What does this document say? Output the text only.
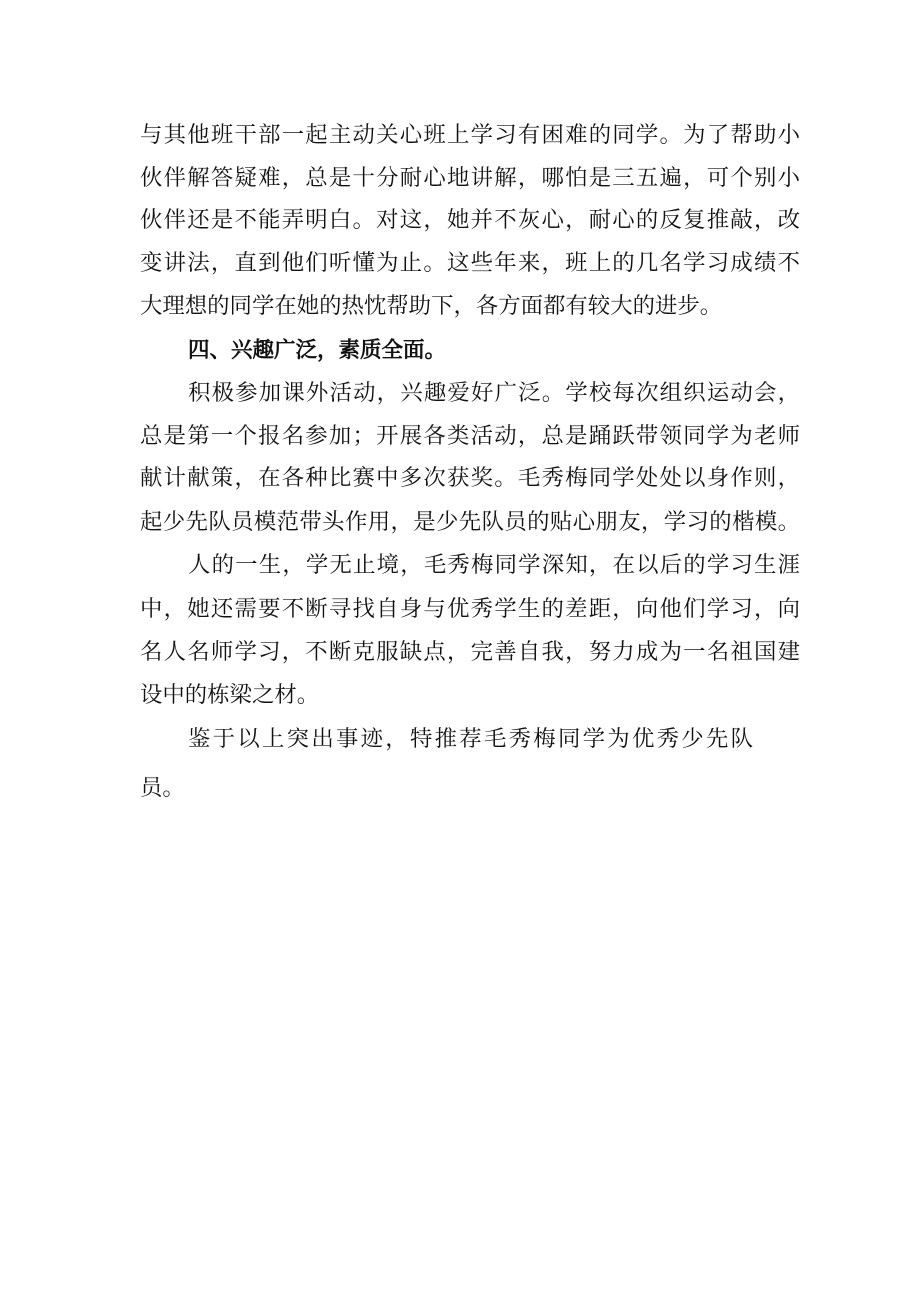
与其他班干部一起主动关心班上学习有困难的同学。为了帮助小

伙伴解答疑难，总是十分耐心地讲解，哪怕是三五遍，可个别小

伙伴还是不能弄明白。对这，她并不灰心，耐心的反复推敲，改

变讲法，直到他们听懂为止。这些年来，班上的几名学习成绩不

大理想的同学在她的热忱帮助下，各方面都有较大的进步。

四、兴趣广泛，素质全面。

积极参加课外活动，兴趣爱好广泛。学校每次组织运动会，

总是第一个报名参加；开展各类活动，总是踊跃带领同学为老师

献计献策，在各种比赛中多次获奖。毛秀梅同学处处以身作则，

起少先队员模范带头作用，是少先队员的贴心朋友，学习的楷模。

人的一生，学无止境，毛秀梅同学深知，在以后的学习生涯

中，她还需要不断寻找自身与优秀学生的差距，向他们学习，向

名人名师学习，不断克服缺点，完善自我，努力成为一名祖国建

设中的栋梁之材。

鉴于以上突出事迹，特推荐毛秀梅同学为优秀少先队

员。
